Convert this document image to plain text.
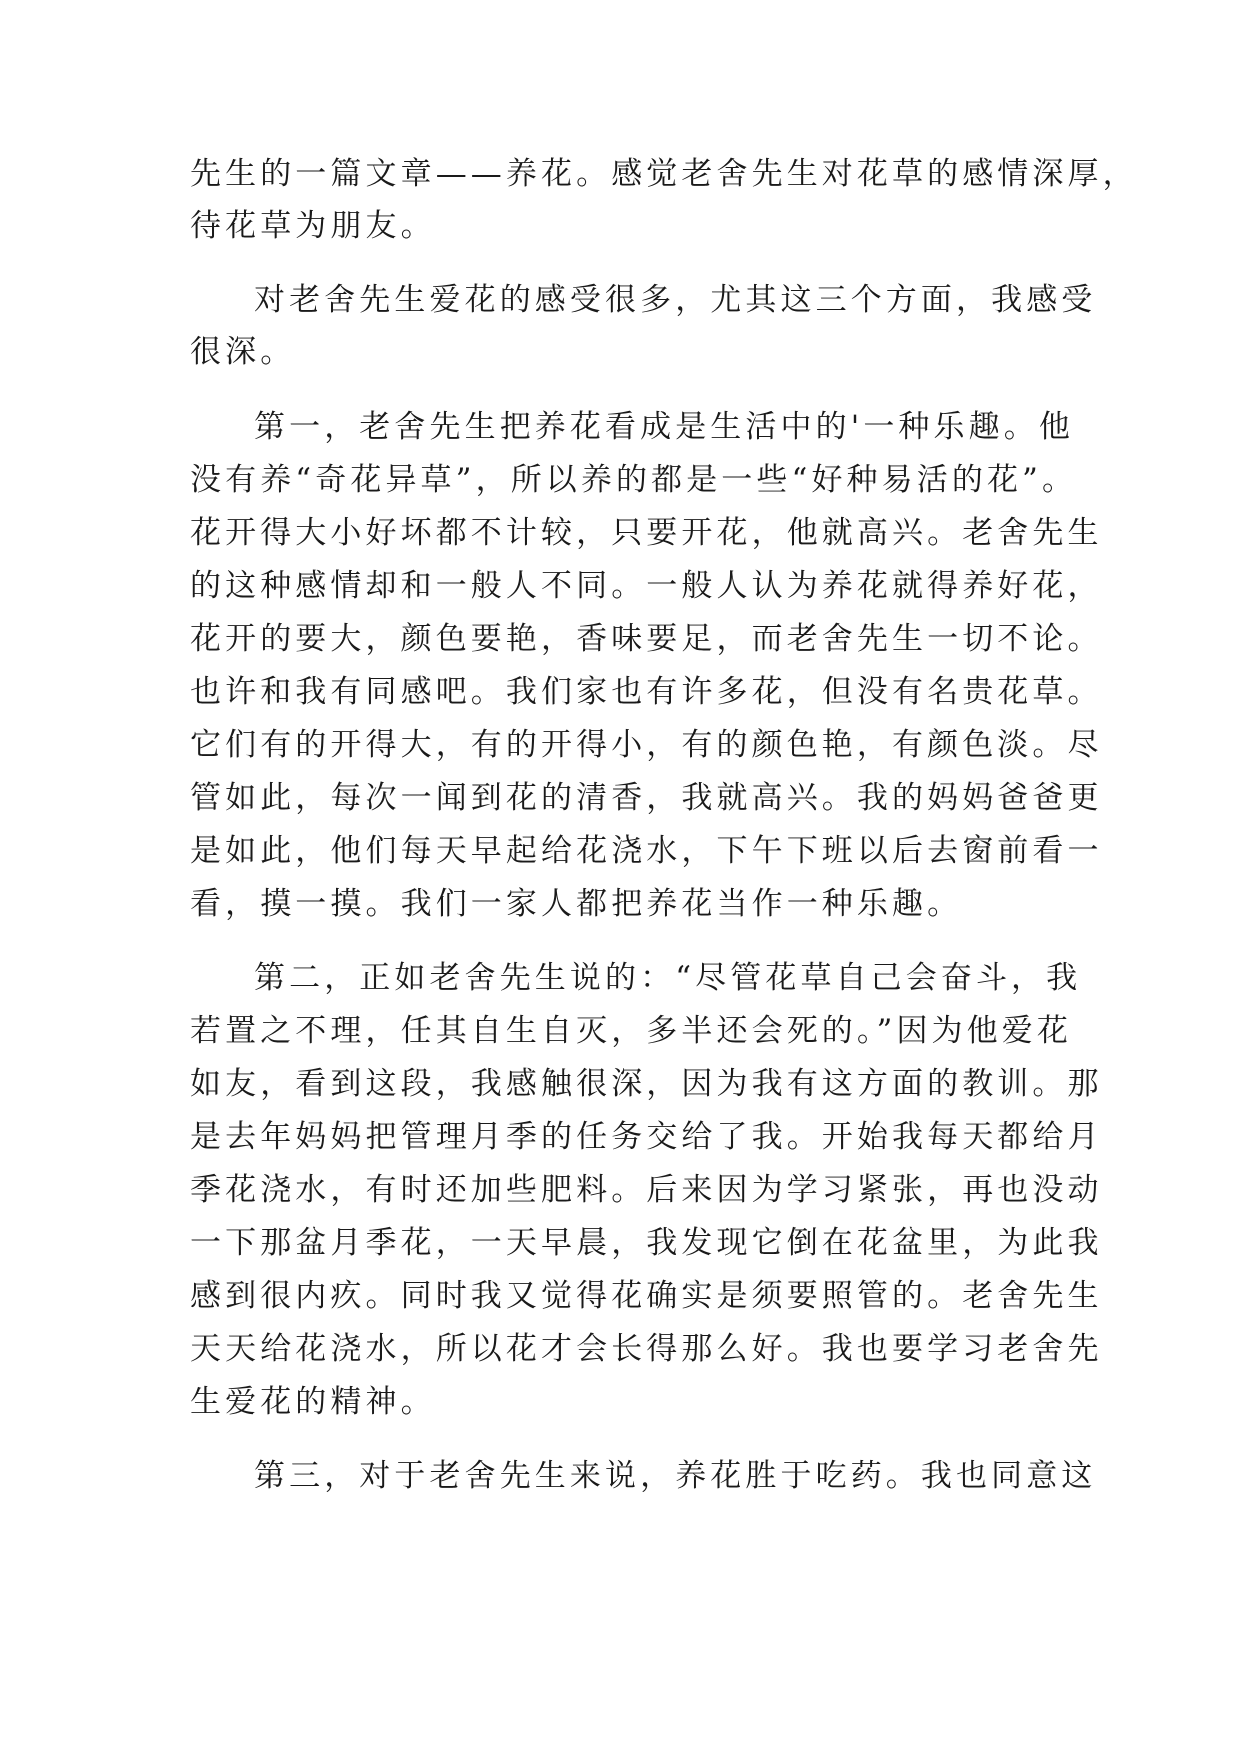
先生的一篇文章——养花。感觉老舍先生对花草的感情深厚，
待花草为朋友。
对老舍先生爱花的感受很多，尤其这三个方面，我感受
很深。
第一，老舍先生把养花看成是生活中的'一种乐趣。他
没有养“奇花异草”，所以养的都是一些“好种易活的花”。
花开得大小好坏都不计较，只要开花，他就高兴。老舍先生
的这种感情却和一般人不同。一般人认为养花就得养好花，
花开的要大，颜色要艳，香味要足，而老舍先生一切不论。
也许和我有同感吧。我们家也有许多花，但没有名贵花草。
它们有的开得大，有的开得小，有的颜色艳，有颜色淡。尽
管如此，每次一闻到花的清香，我就高兴。我的妈妈爸爸更
是如此，他们每天早起给花浇水，下午下班以后去窗前看一
看，摸一摸。我们一家人都把养花当作一种乐趣。
第二，正如老舍先生说的：“尽管花草自己会奋斗，我
若置之不理，任其自生自灭，多半还会死的。”因为他爱花
如友，看到这段，我感触很深，因为我有这方面的教训。那
是去年妈妈把管理月季的任务交给了我。开始我每天都给月
季花浇水，有时还加些肥料。后来因为学习紧张，再也没动
一下那盆月季花，一天早晨，我发现它倒在花盆里，为此我
感到很内疚。同时我又觉得花确实是须要照管的。老舍先生
天天给花浇水，所以花才会长得那么好。我也要学习老舍先
生爱花的精神。
第三，对于老舍先生来说，养花胜于吃药。我也同意这
